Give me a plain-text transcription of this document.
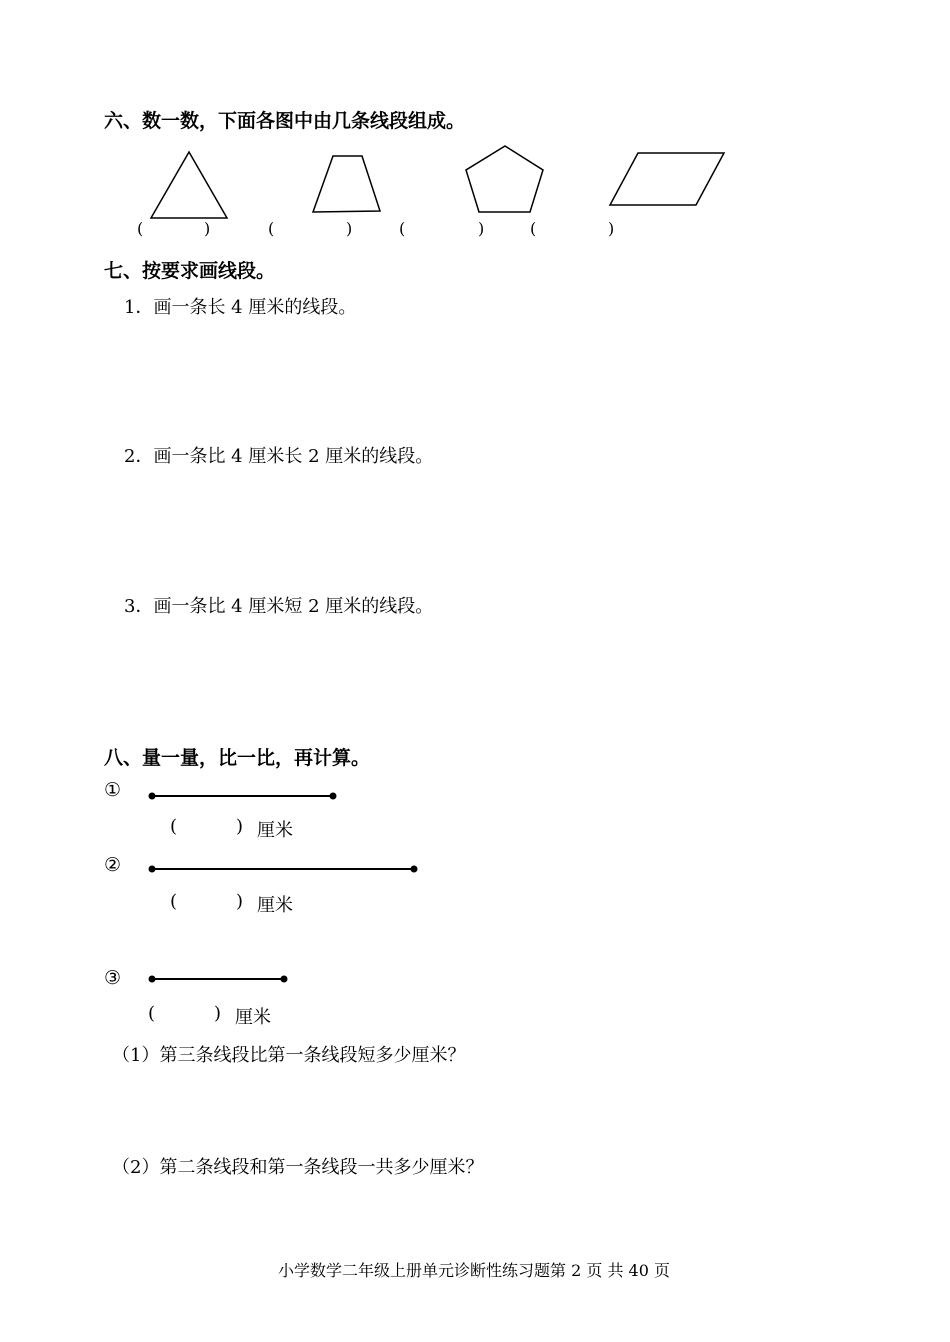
六、数一数，下面各图中由几条线段组成。
(	)	(	)	(	)	(	)
七、按要求画线段。
1．画一条长 4 厘米的线段。
2．画一条比 4 厘米长 2 厘米的线段。
3．画一条比 4 厘米短 2 厘米的线段。
八、量一量，比一比，再计算。
①
(	) 厘米
②
(	) 厘米
③
(	) 厘米
（1）第三条线段比第一条线段短多少厘米？
（2）第二条线段和第一条线段一共多少厘米？
小学数学二年级上册单元诊断性练习题第 2 页 共 40 页
